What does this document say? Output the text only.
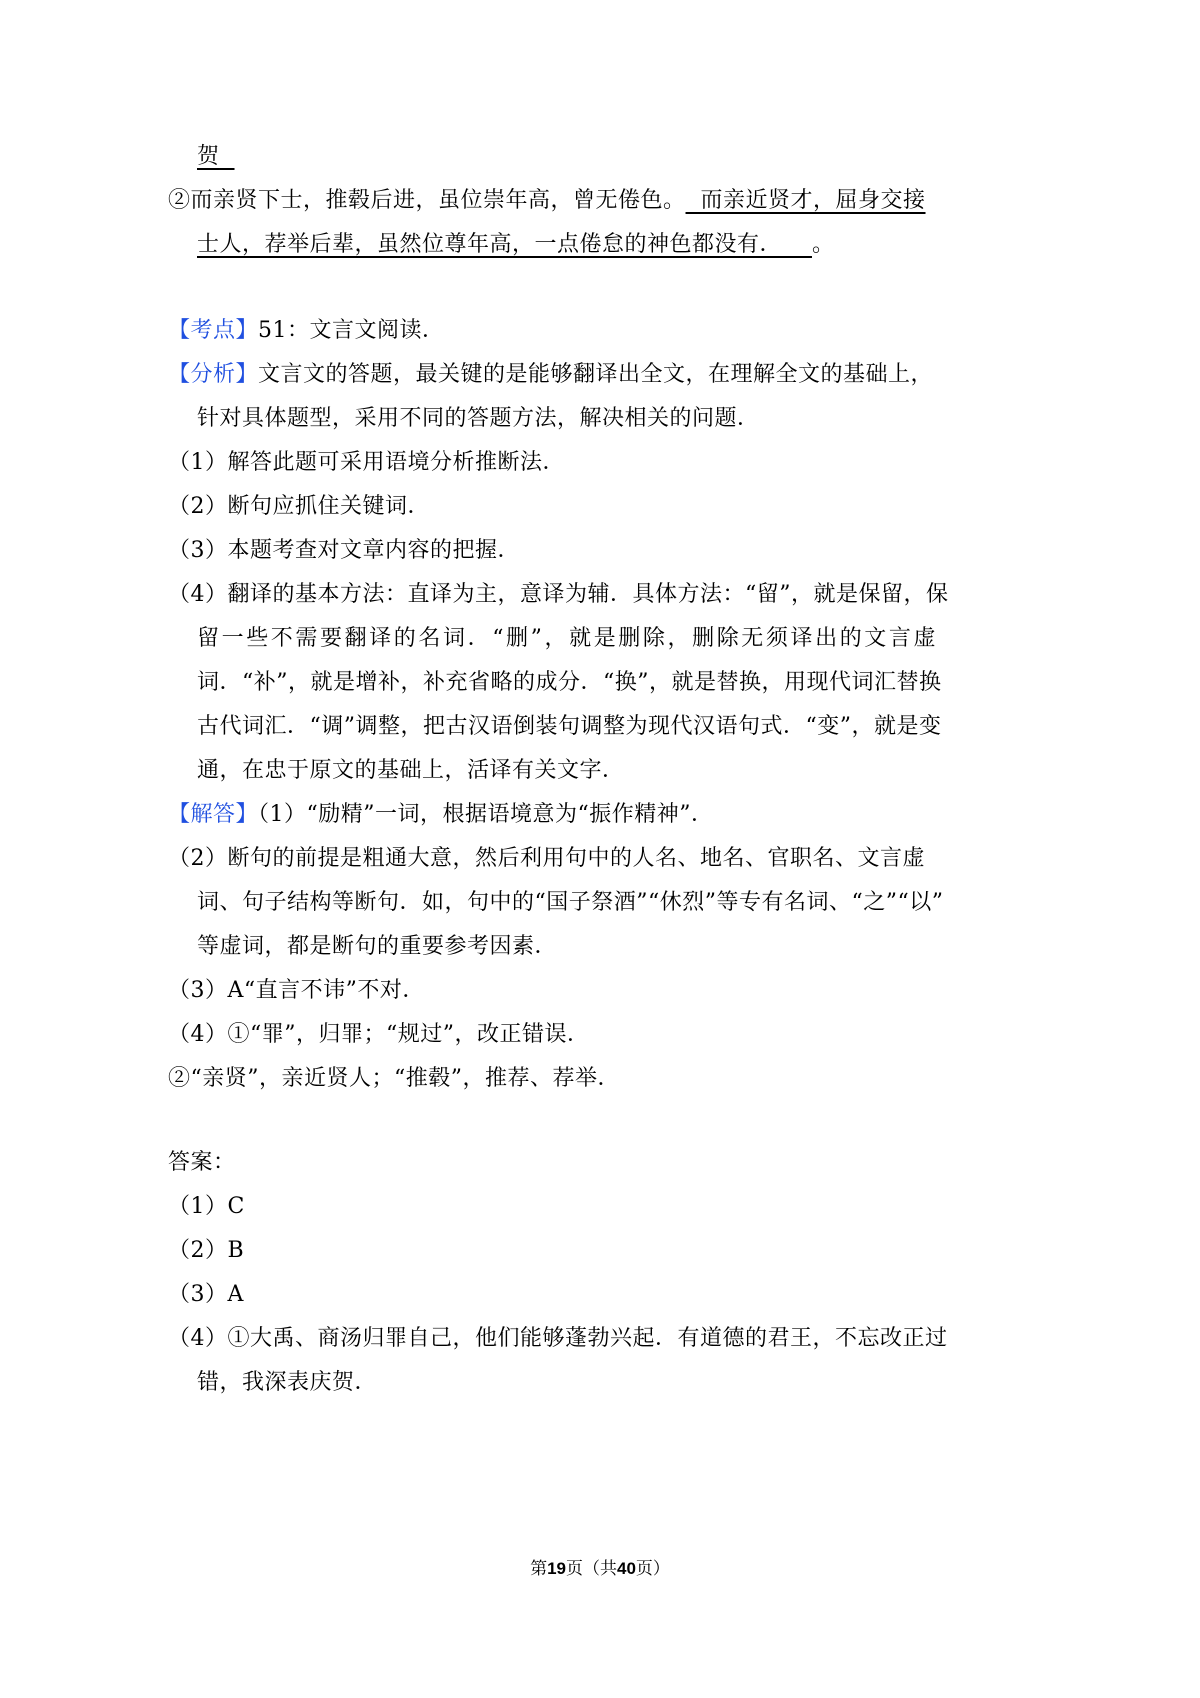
贺
②而亲贤下士，推毂后进，虽位崇年高，曾无倦色。  而亲近贤才，屈身交接
士人，荐举后辈，虽然位尊年高，一点倦怠的神色都没有．    。
【考点】51：文言文阅读．
【分析】文言文的答题，最关键的是能够翻译出全文，在理解全文的基础上，
针对具体题型，采用不同的答题方法，解决相关的问题．
（1）解答此题可采用语境分析推断法．
（2）断句应抓住关键词．
（3）本题考查对文章内容的把握．
（4）翻译的基本方法：直译为主，意译为辅．具体方法：“留”，就是保留，保
留一些不需要翻译的名词．“删”，就是删除，删除无须译出的文言虚
词．“补”，就是增补，补充省略的成分．“换”，就是替换，用现代词汇替换
古代词汇．“调”调整，把古汉语倒装句调整为现代汉语句式．“变”，就是变
通，在忠于原文的基础上，活译有关文字．
【解答】（1）“励精”一词，根据语境意为“振作精神”．
（2）断句的前提是粗通大意，然后利用句中的人名、地名、官职名、文言虚
词、句子结构等断句．如，句中的“国子祭酒”“休烈”等专有名词、“之”“以”
等虚词，都是断句的重要参考因素．
（3）A“直言不讳”不对．
（4）①“罪”，归罪；“规过”，改正错误．
②“亲贤”，亲近贤人；“推毂”，推荐、荐举．
答案：
（1）C
（2）B
（3）A
（4）①大禹、商汤归罪自己，他们能够蓬勃兴起．有道德的君王，不忘改正过
错，我深表庆贺．
第19页（共40页）
